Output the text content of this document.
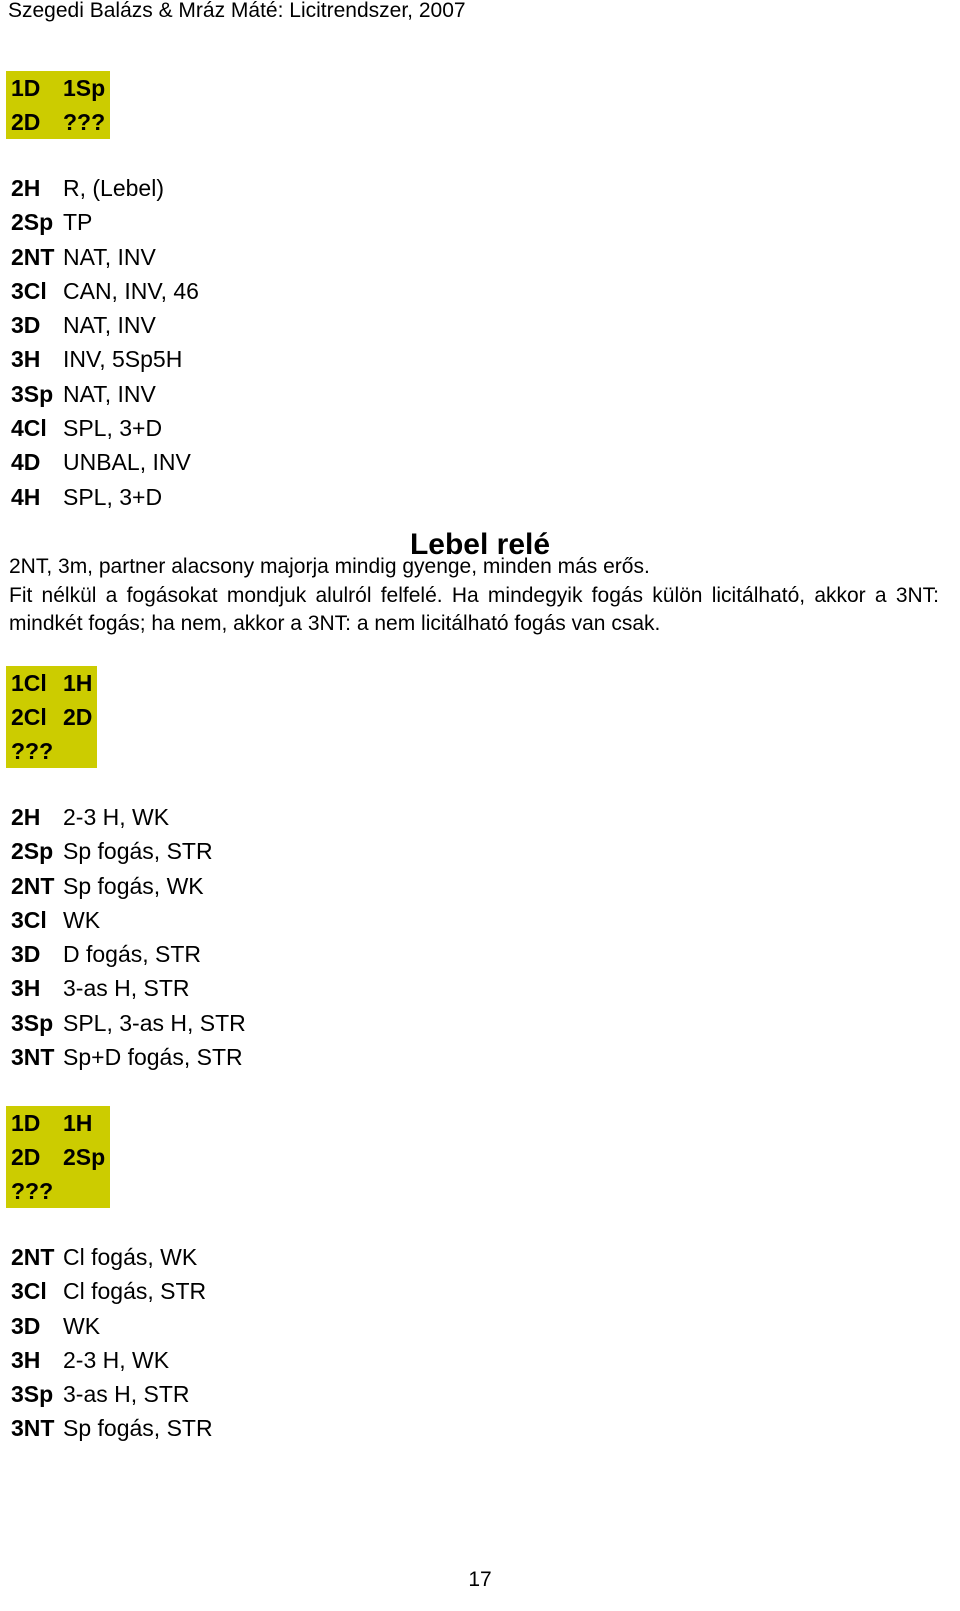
Szegedi Balázs & Mráz Máté: Licitrendszer, 2007
1D 1Sp
2D ???
2H R, (Lebel)
2Sp TP
2NT NAT, INV
3Cl CAN, INV, 46
3D NAT, INV
3H INV, 5Sp5H
3Sp NAT, INV
4Cl SPL, 3+D
4D UNBAL, INV
4H SPL, 3+D
Lebel relé

2NT, 3m, partner alacsony majorja mindig gyenge, minden más erős.

Fit nélkül a fogásokat mondjuk alulról felfelé. Ha mindegyik fogás külön licitálható, akkor a 3NT: mindkét fogás; ha nem, akkor a 3NT: a nem licitálható fogás van csak.

1Cl 1H
2Cl 2D
???
2H 2-3 H, WK
2Sp Sp fogás, STR
2NT Sp fogás, WK
3Cl WK
3D D fogás, STR
3H 3-as H, STR
3Sp SPL, 3-as H, STR
3NT Sp+D fogás, STR
1D 1H
2D 2Sp
???
2NT Cl fogás, WK
3Cl Cl fogás, STR
3D WK
3H 2-3 H, WK
3Sp 3-as H, STR
3NT Sp fogás, STR
17
